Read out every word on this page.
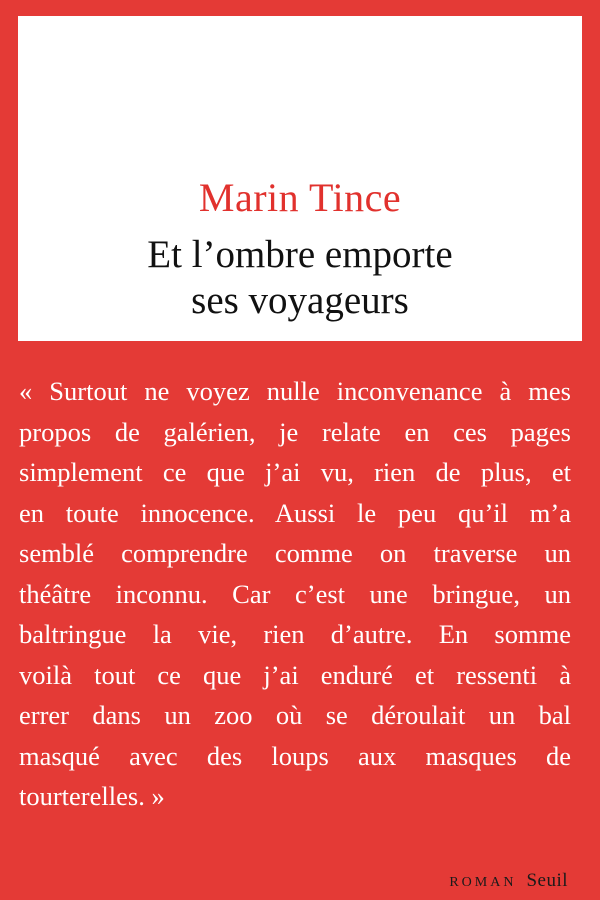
Marin Tince
Et l’ombre emporte
ses voyageurs
« Surtout ne voyez nulle inconvenance à mes
propos de galérien, je relate en ces pages
simplement ce que j’ai vu, rien de plus, et
en toute innocence. Aussi le peu qu’il m’a
semblé comprendre comme on traverse un
théâtre inconnu. Car c’est une bringue, un
baltringue la vie, rien d’autre. En somme
voilà tout ce que j’ai enduré et ressenti à
errer dans un zoo où se déroulait un bal
masqué avec des loups aux masques de
tourterelles. »
ROMAN Seuil
